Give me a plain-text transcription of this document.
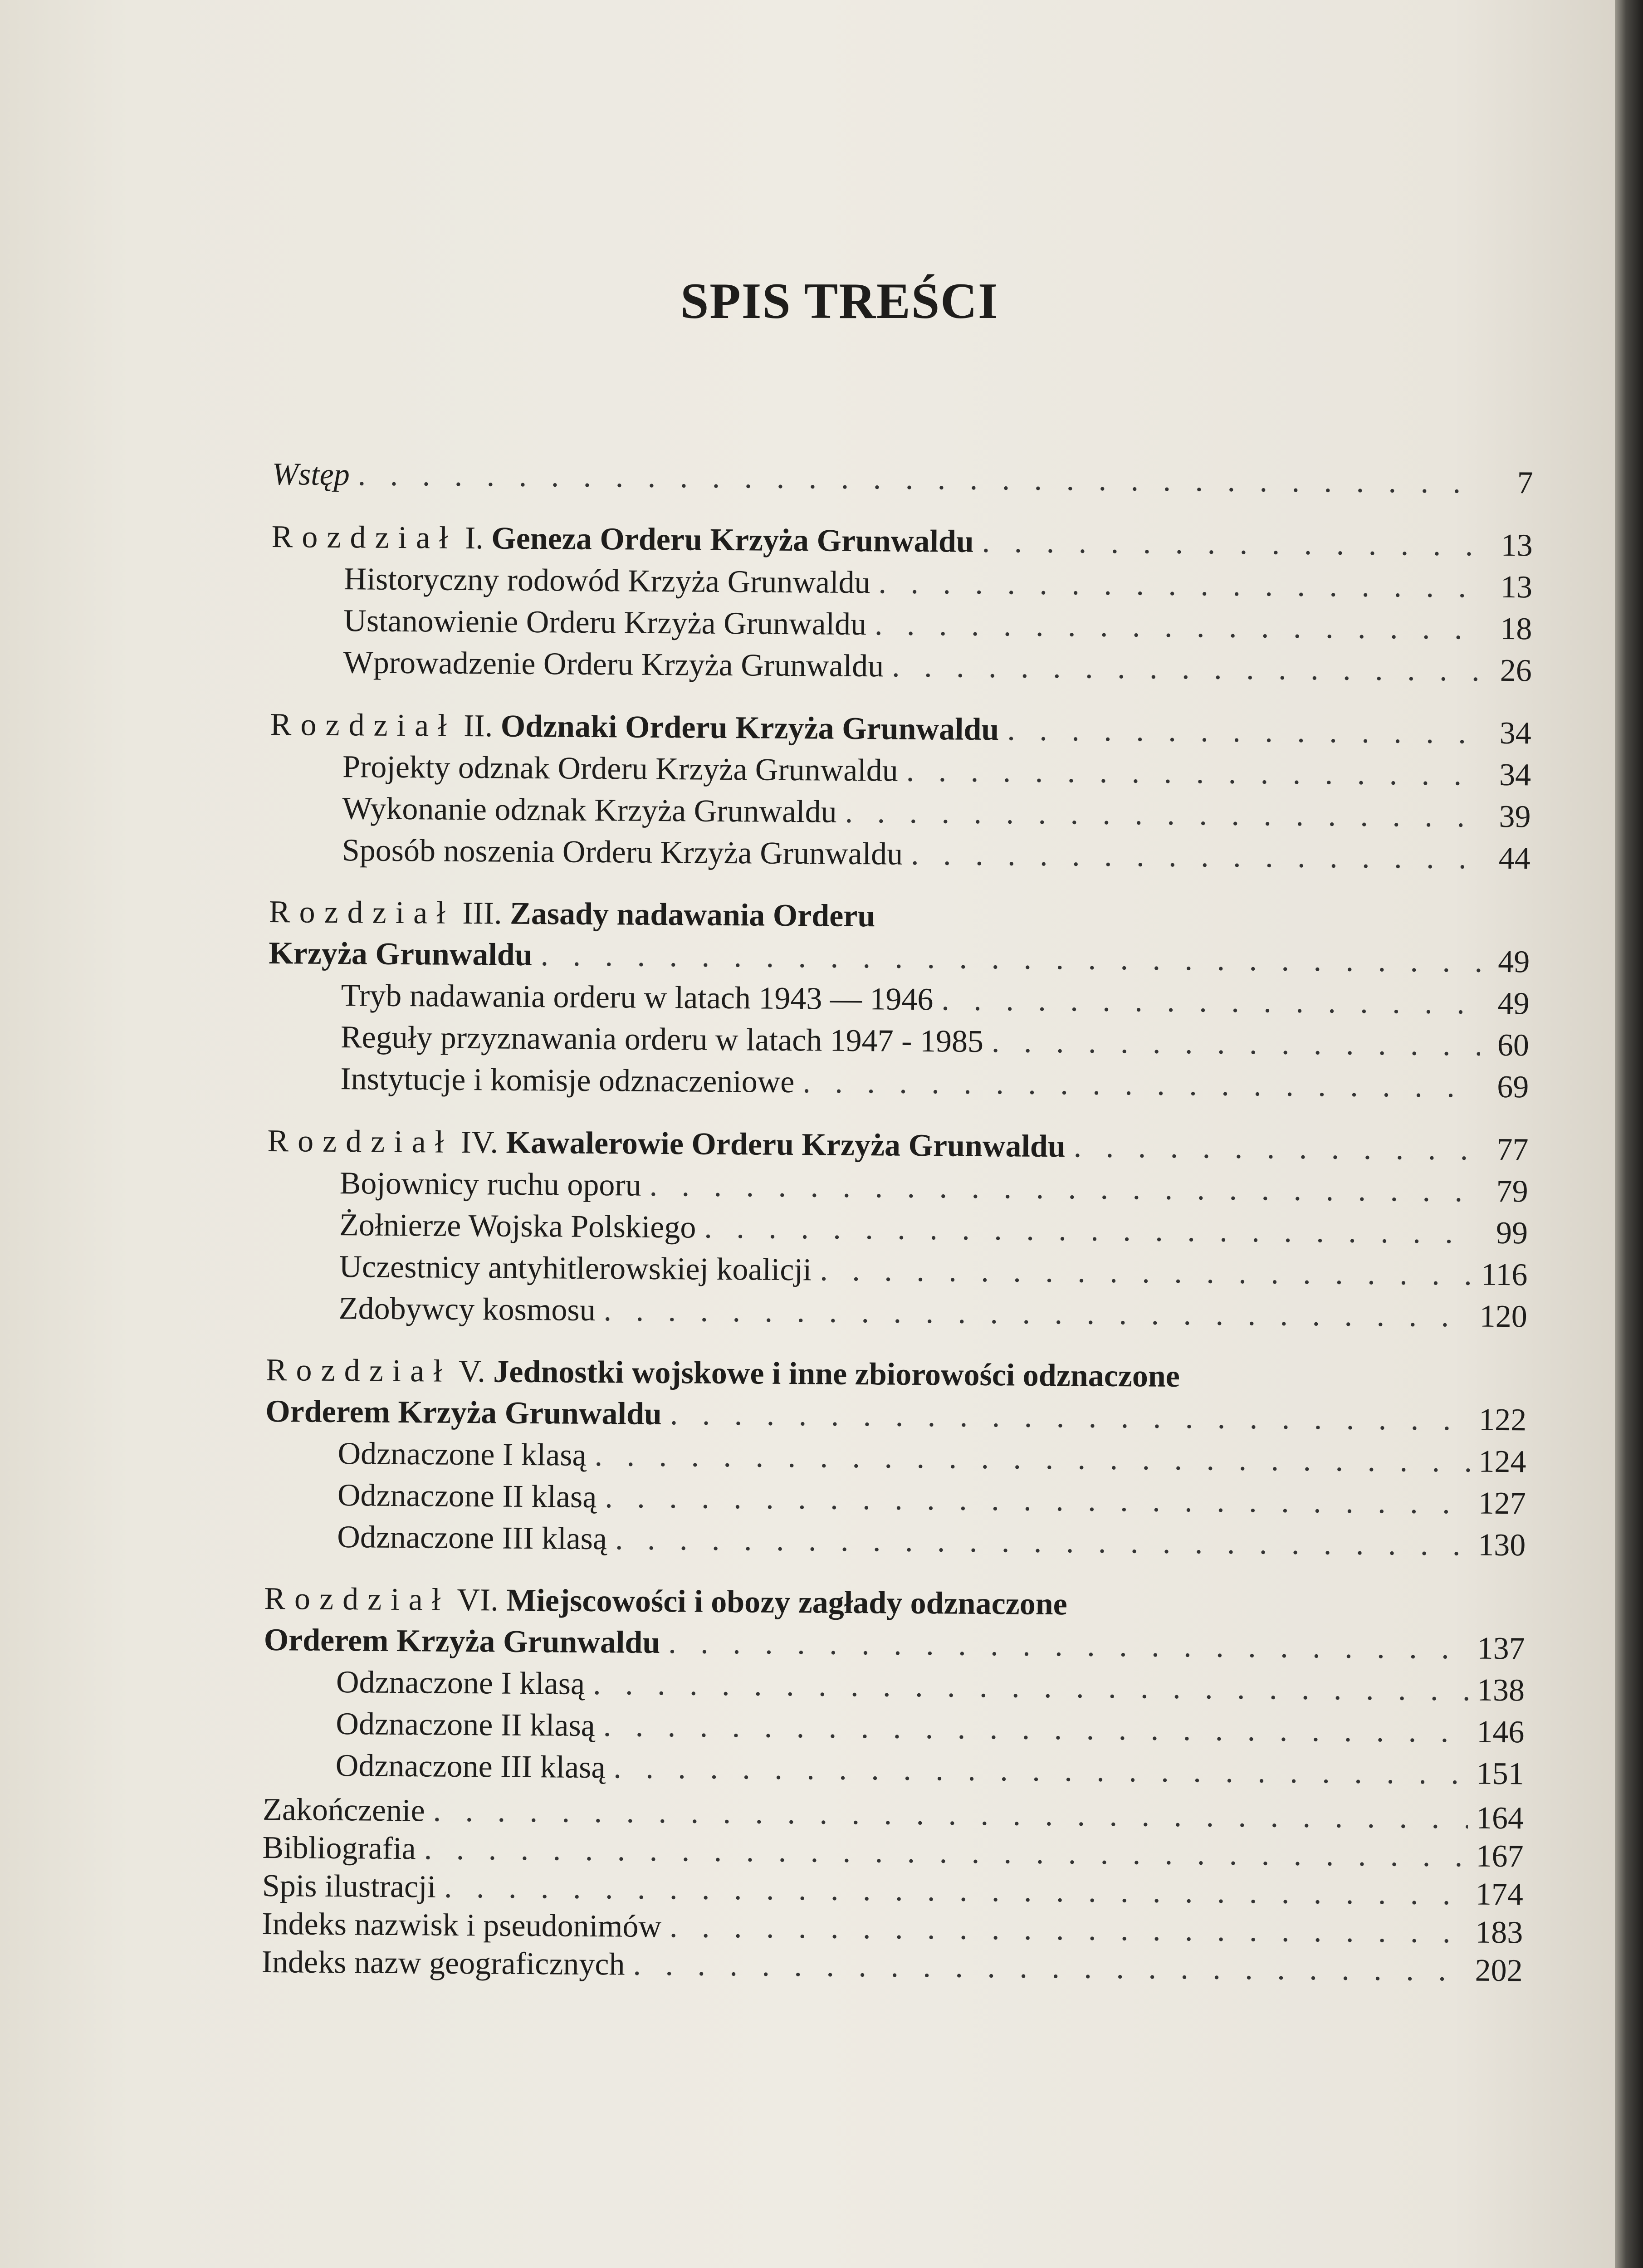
SPIS TREŚCI
Wstęp . . .	7
Rozdział I. Geneza Orderu Krzyża Grunwaldu . . .	13
Historyczny rodowód Krzyża Grunwaldu . . .	13
Ustanowienie Orderu Krzyża Grunwaldu . . .	18
Wprowadzenie Orderu Krzyża Grunwaldu . . .	26
Rozdział II. Odznaki Orderu Krzyża Grunwaldu . . .	34
Projekty odznak Orderu Krzyża Grunwaldu . . .	34
Wykonanie odznak Krzyża Grunwaldu . . .	39
Sposób noszenia Orderu Krzyża Grunwaldu . . .	44
Rozdział III. Zasady nadawania Orderu
Krzyża Grunwaldu . . .	49
Tryb nadawania orderu w latach 1943 — 1946 . . .	49
Reguły przyznawania orderu w latach 1947 - 1985 . . .	60
Instytucje i komisje odznaczeniowe . . .	69
Rozdział IV. Kawalerowie Orderu Krzyża Grunwaldu . . .	77
Bojownicy ruchu oporu . . .	79
Żołnierze Wojska Polskiego . . .	99
Uczestnicy antyhitlerowskiej koalicji . . .	116
Zdobywcy kosmosu . . .	120
Rozdział V. Jednostki wojskowe i inne zbiorowości odznaczone
Orderem Krzyża Grunwaldu . . .	122
Odznaczone I klasą . . .	124
Odznaczone II klasą . . .	127
Odznaczone III klasą . . .	130
Rozdział VI. Miejscowości i obozy zagłady odznaczone
Orderem Krzyża Grunwaldu . . .	137
Odznaczone I klasą . . .	138
Odznaczone II klasą . . .	146
Odznaczone III klasą . . .	151
Zakończenie . . .	164
Bibliografia . . .	167
Spis ilustracji . . .	174
Indeks nazwisk i pseudonimów . . .	183
Indeks nazw geograficznych . . .	202
